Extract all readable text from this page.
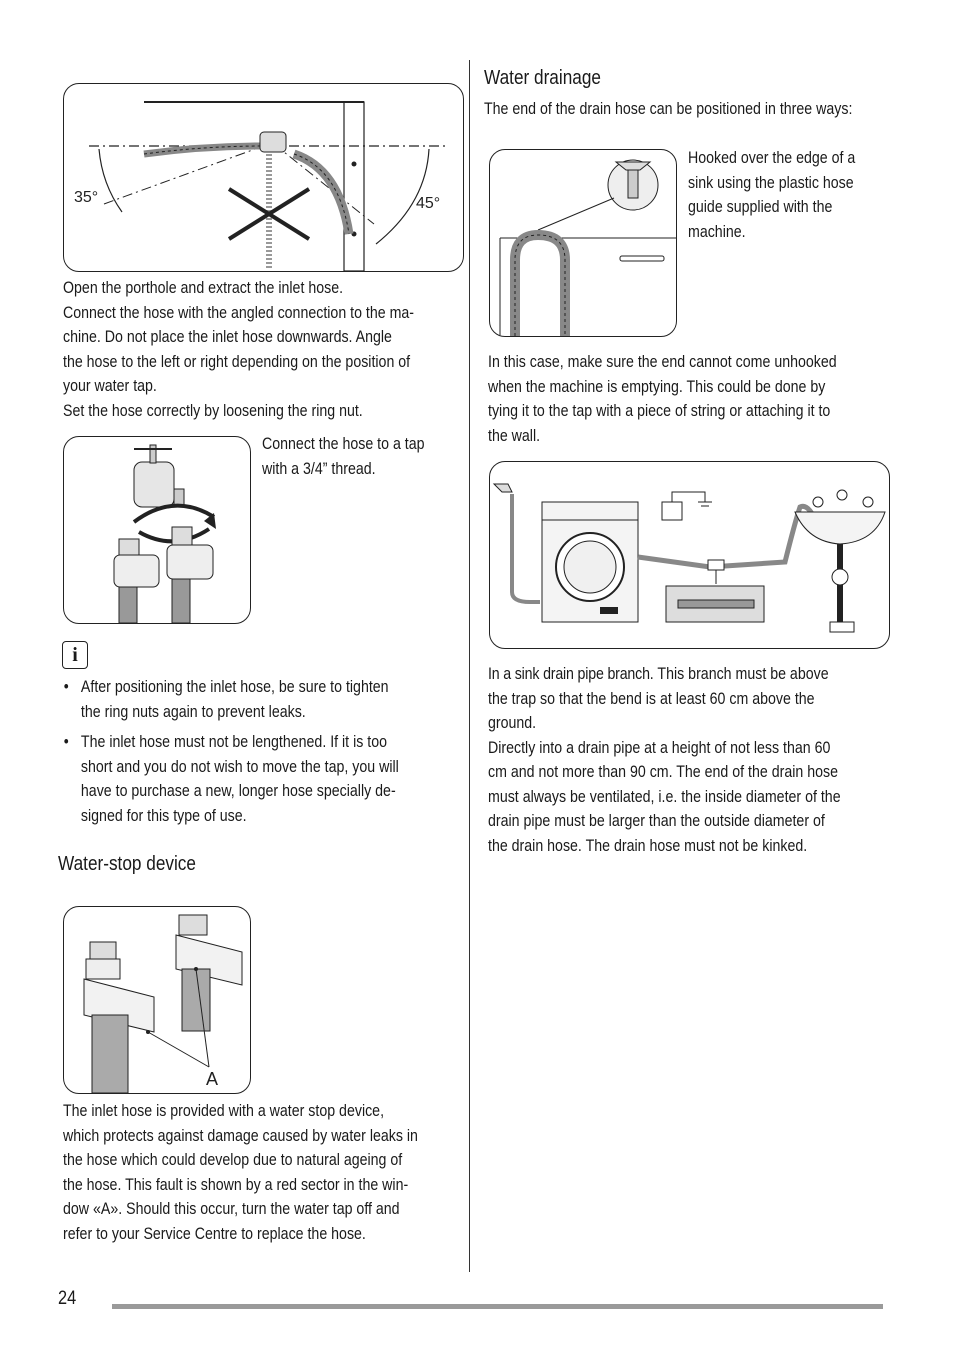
35°	45°

Open the porthole and extract the inlet hose.

Connect the hose with the angled connection to the ma-

chine. Do not place the inlet hose downwards. Angle

the hose to the left or right depending on the position of

your water tap.

Set the hose correctly by loosening the ring nut.

Connect the hose to a tap

with a 3/4” thread.

i
• After positioning the inlet hose, be sure to tighten
the ring nuts again to prevent leaks.
• The inlet hose must not be lengthened. If it is too
short and you do not wish to move the tap, you will
have to purchase a new, longer hose specially de-
signed for this type of use.
Water-stop device
A

The inlet hose is provided with a water stop device,

which protects against damage caused by water leaks in

the hose which could develop due to natural ageing of

the hose. This fault is shown by a red sector in the win-

dow «A». Should this occur, turn the water tap off and

refer to your Service Centre to replace the hose.

Water drainage
The end of the drain hose can be positioned in three ways:

Hooked over the edge of a

sink using the plastic hose

guide supplied with the

machine.

In this case, make sure the end cannot come unhooked

when the machine is emptying. This could be done by

tying it to the tap with a piece of string or attaching it to

the wall.

In a sink drain pipe branch. This branch must be above

the trap so that the bend is at least 60 cm above the

ground.

Directly into a drain pipe at a height of not less than 60

cm and not more than 90 cm. The end of the drain hose

must always be ventilated, i.e. the inside diameter of the

drain pipe must be larger than the outside diameter of

the drain hose. The drain hose must not be kinked.

24
